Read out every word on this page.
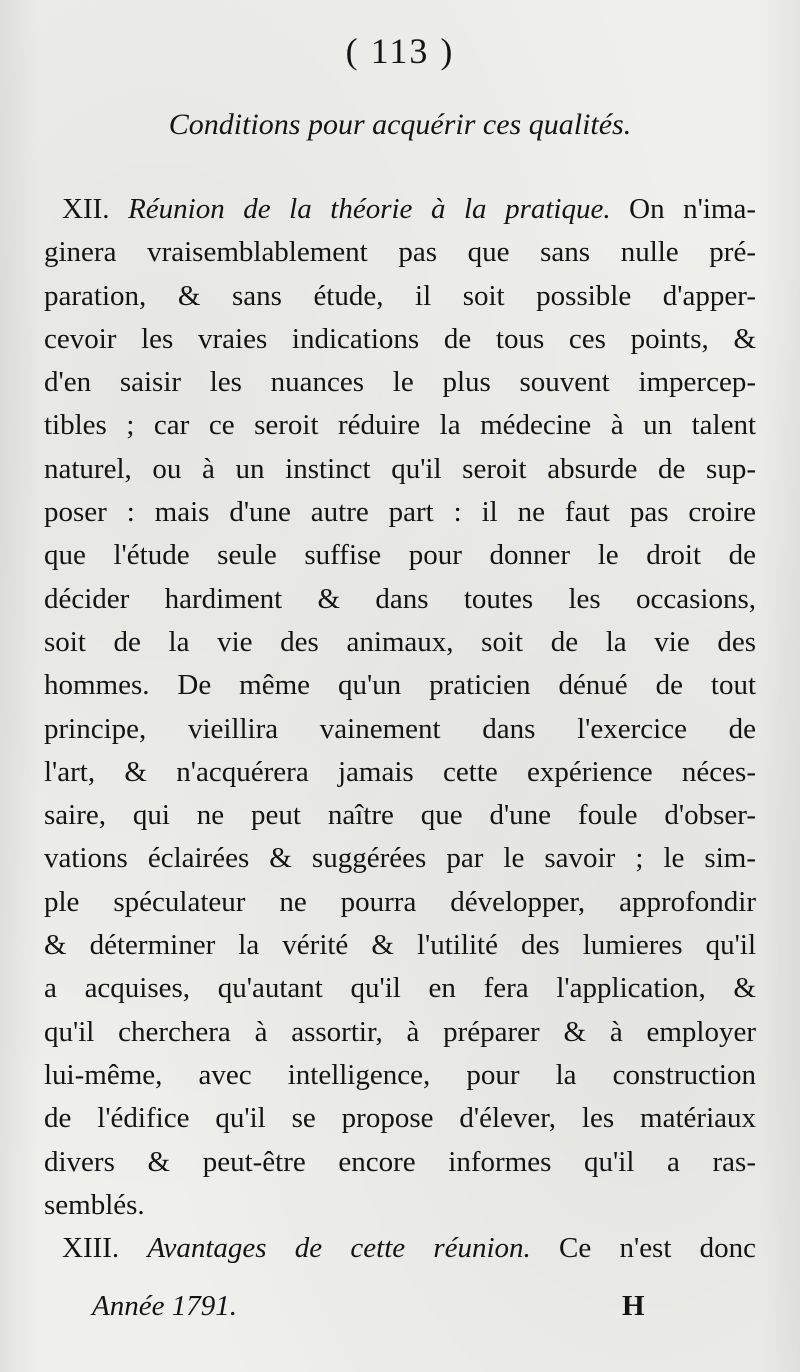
( 113 )
Conditions pour acquérir ces qualités.
XII. Réunion de la théorie à la pratique. On n'ima-
ginera vraisemblablement pas que sans nulle pré-
paration, & sans étude, il soit possible d'apper-
cevoir les vraies indications de tous ces points, &
d'en saisir les nuances le plus souvent impercep-
tibles ; car ce seroit réduire la médecine à un talent
naturel, ou à un instinct qu'il seroit absurde de sup-
poser : mais d'une autre part : il ne faut pas croire
que l'étude seule suffise pour donner le droit de
décider hardiment & dans toutes les occasions,
soit de la vie des animaux, soit de la vie des
hommes. De même qu'un praticien dénué de tout
principe, vieillira vainement dans l'exercice de
l'art, & n'acquérera jamais cette expérience néces-
saire, qui ne peut naître que d'une foule d'obser-
vations éclairées & suggérées par le savoir ; le sim-
ple spéculateur ne pourra développer, approfondir
& déterminer la vérité & l'utilité des lumieres qu'il
a acquises, qu'autant qu'il en fera l'application, &
qu'il cherchera à assortir, à préparer & à employer
lui-même, avec intelligence, pour la construction
de l'édifice qu'il se propose d'élever, les matériaux
divers & peut-être encore informes qu'il a ras-
semblés.
XIII. Avantages de cette réunion. Ce n'est donc
Année 1791.	H
